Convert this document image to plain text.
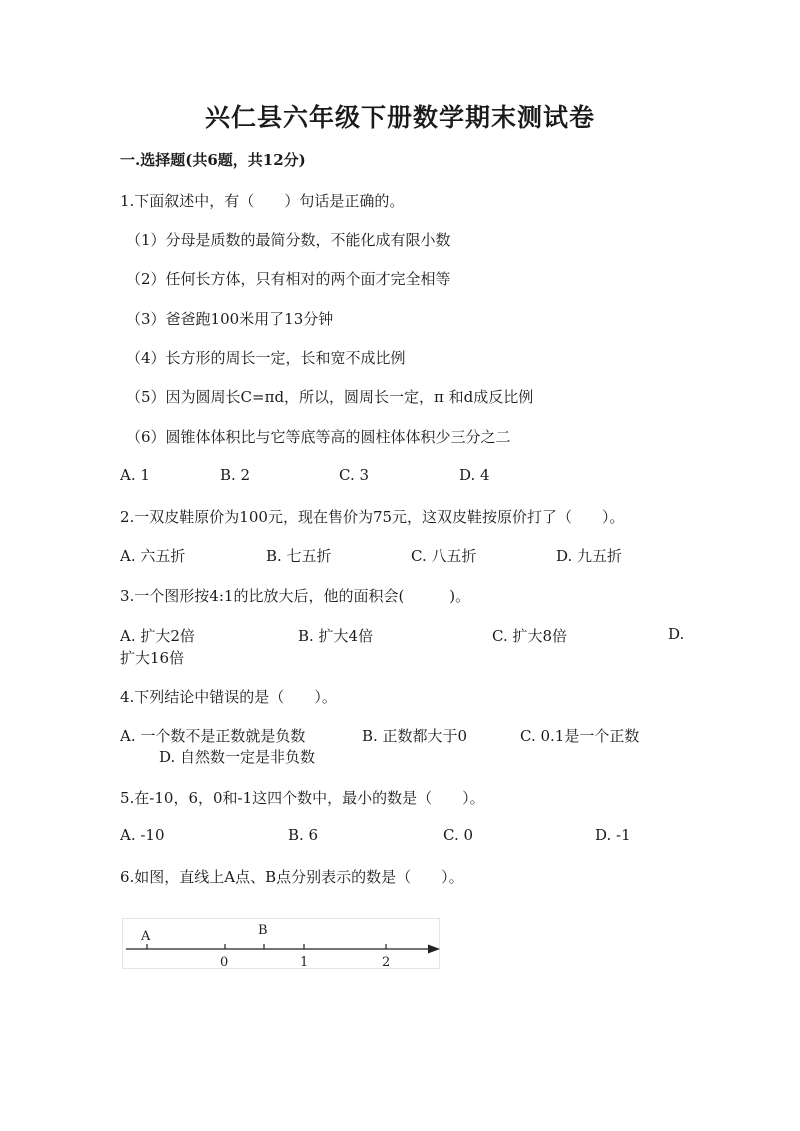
兴仁县六年级下册数学期末测试卷
一.选择题(共6题，共12分)
1.下面叙述中，有（　　）句话是正确的。
（1）分母是质数的最简分数，不能化成有限小数
（2）任何长方体，只有相对的两个面才完全相等
（3）爸爸跑100米用了13分钟
（4）长方形的周长一定，长和宽不成比例
（5）因为圆周长C=πd，所以，圆周长一定，π 和d成反比例
（6）圆锥体体积比与它等底等高的圆柱体体积少三分之二
A. 1	B. 2	C. 3	D. 4
2.一双皮鞋原价为100元，现在售价为75元，这双皮鞋按原价打了（　　）。
A. 六五折	B. 七五折	C. 八五折	D. 九五折
3.一个图形按4:1的比放大后，他的面积会(　　　)。
A. 扩大2倍	B. 扩大4倍	C. 扩大8倍	D.
扩大16倍
4.下列结论中错误的是（　　）。
A. 一个数不是正数就是负数	B. 正数都大于0	C. 0.1是一个正数
D. 自然数一定是非负数
5.在-10，6，0和-1这四个数中，最小的数是（　　）。
A. -10	B. 6	C. 0	D. -1
6.如图，直线上A点、B点分别表示的数是（　　）。
A	B
0	1	2
